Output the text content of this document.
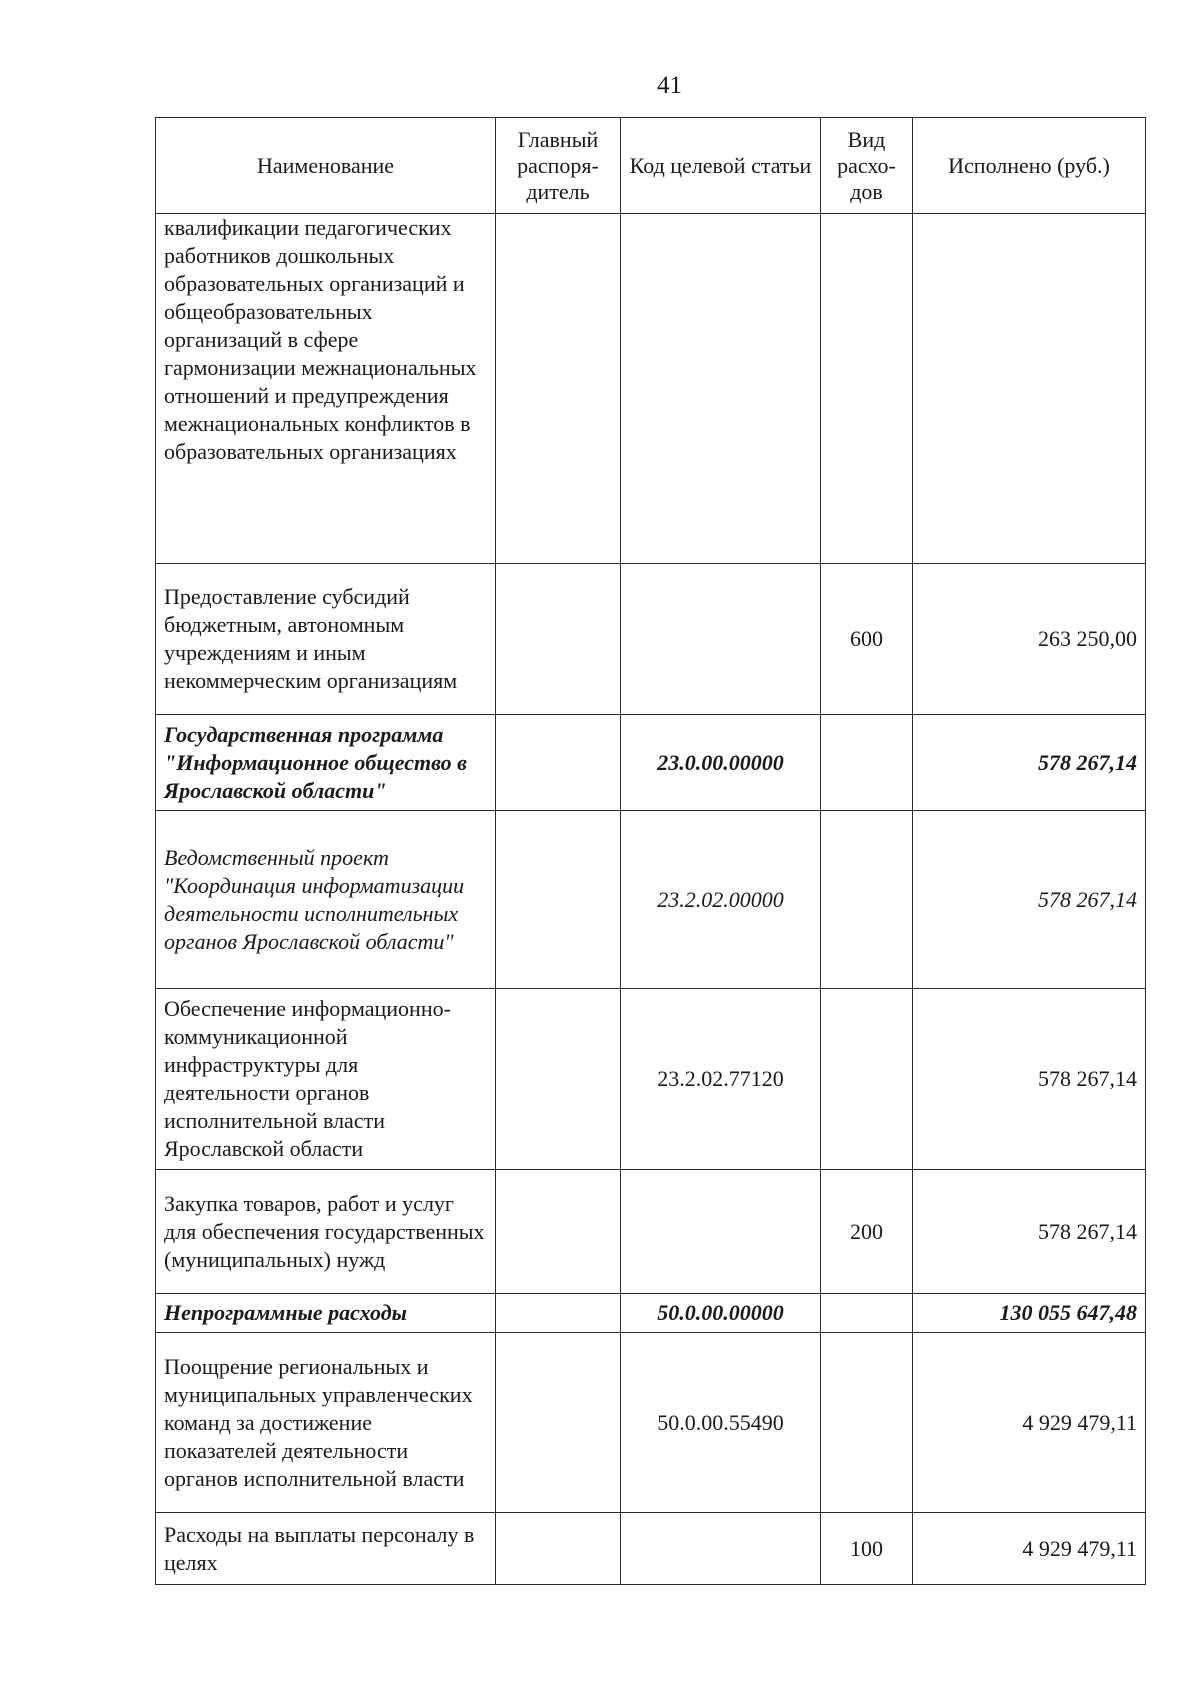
41
Наименование	Главный распоря-дитель	Код целевой статьи	Вид расхо-дов	Исполнено (руб.)
квалификации педагогических работников дошкольных образовательных организаций и общеобразовательных организаций в сфере гармонизации межнациональных отношений и предупреждения межнациональных конфликтов в образовательных организациях				
Предоставление субсидий бюджетным, автономным учреждениям и иным некоммерческим организациям			600	263 250,00
Государственная программа "Информационное общество в Ярославской области"		23.0.00.00000		578 267,14
Ведомственный проект "Координация информатизации деятельности исполнительных органов Ярославской области"		23.2.02.00000		578 267,14
Обеспечение информационно-коммуникационной инфраструктуры для деятельности органов исполнительной власти Ярославской области		23.2.02.77120		578 267,14
Закупка товаров, работ и услуг для обеспечения государственных (муниципальных) нужд			200	578 267,14
Непрограммные расходы		50.0.00.00000		130 055 647,48
Поощрение региональных и муниципальных управленческих команд за достижение показателей деятельности органов исполнительной власти		50.0.00.55490		4 929 479,11
Расходы на выплаты персоналу в целях			100	4 929 479,11
